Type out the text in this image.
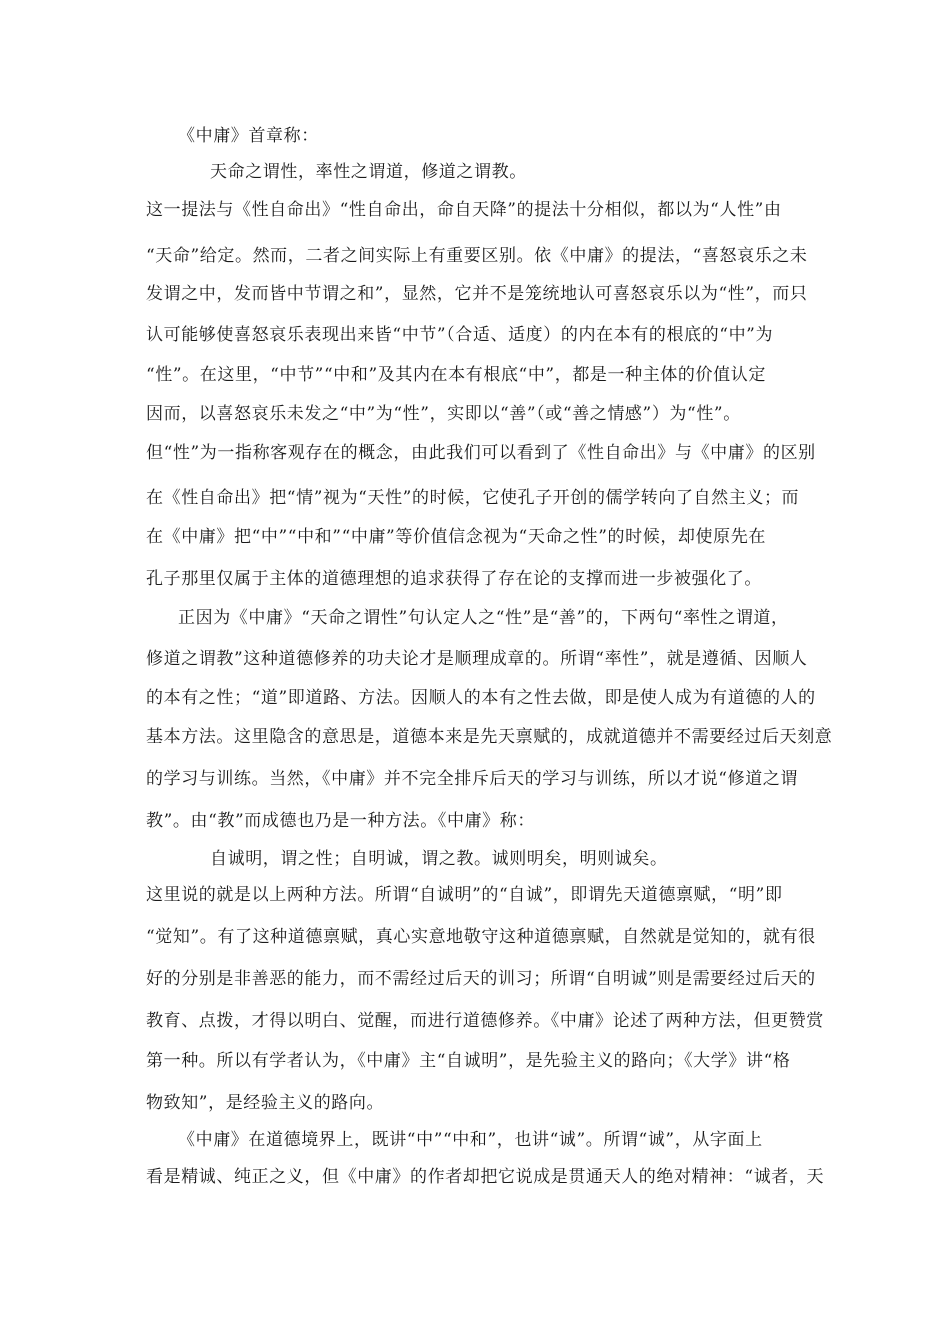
《中庸》首章称：
天命之谓性，率性之谓道，修道之谓教。
这一提法与《性自命出》“性自命出，命自天降”的提法十分相似，都以为“人性”由
“天命”给定。然而，二者之间实际上有重要区别。依《中庸》的提法，“喜怒哀乐之未
发谓之中，发而皆中节谓之和”，显然，它并不是笼统地认可喜怒哀乐以为“性”，而只
认可能够使喜怒哀乐表现出来皆“中节”（合适、适度）的内在本有的根底的“中”为
“性”。在这里，“中节”“中和”及其内在本有根底“中”，都是一种主体的价值认定
因而，以喜怒哀乐未发之“中”为“性”，实即以“善”（或“善之情感”）为“性”。
但“性”为一指称客观存在的概念，由此我们可以看到了《性自命出》与《中庸》的区别
在《性自命出》把“情”视为“天性”的时候，它使孔子开创的儒学转向了自然主义；而
在《中庸》把“中”“中和”“中庸”等价值信念视为“天命之性”的时候，却使原先在
孔子那里仅属于主体的道德理想的追求获得了存在论的支撑而进一步被强化了。
正因为《中庸》“天命之谓性”句认定人之“性”是“善”的，下两句“率性之谓道，
修道之谓教”这种道德修养的功夫论才是顺理成章的。所谓“率性”，就是遵循、因顺人
的本有之性；“道”即道路、方法。因顺人的本有之性去做，即是使人成为有道德的人的
基本方法。这里隐含的意思是，道德本来是先天禀赋的，成就道德并不需要经过后天刻意
的学习与训练。当然，《中庸》并不完全排斥后天的学习与训练，所以才说“修道之谓
教”。由“教”而成德也乃是一种方法。《中庸》称：
自诚明，谓之性；自明诚，谓之教。诚则明矣，明则诚矣。
这里说的就是以上两种方法。所谓“自诚明”的“自诚”，即谓先天道德禀赋，“明”即
“觉知”。有了这种道德禀赋，真心实意地敬守这种道德禀赋，自然就是觉知的，就有很
好的分别是非善恶的能力，而不需经过后天的训习；所谓“自明诚”则是需要经过后天的
教育、点拨，才得以明白、觉醒，而进行道德修养。《中庸》论述了两种方法，但更赞赏
第一种。所以有学者认为，《中庸》主“自诚明”，是先验主义的路向；《大学》讲“格
物致知”，是经验主义的路向。
《中庸》在道德境界上，既讲“中”“中和”，也讲“诚”。所谓“诚”，从字面上
看是精诚、纯正之义，但《中庸》的作者却把它说成是贯通天人的绝对精神：“诚者，天
